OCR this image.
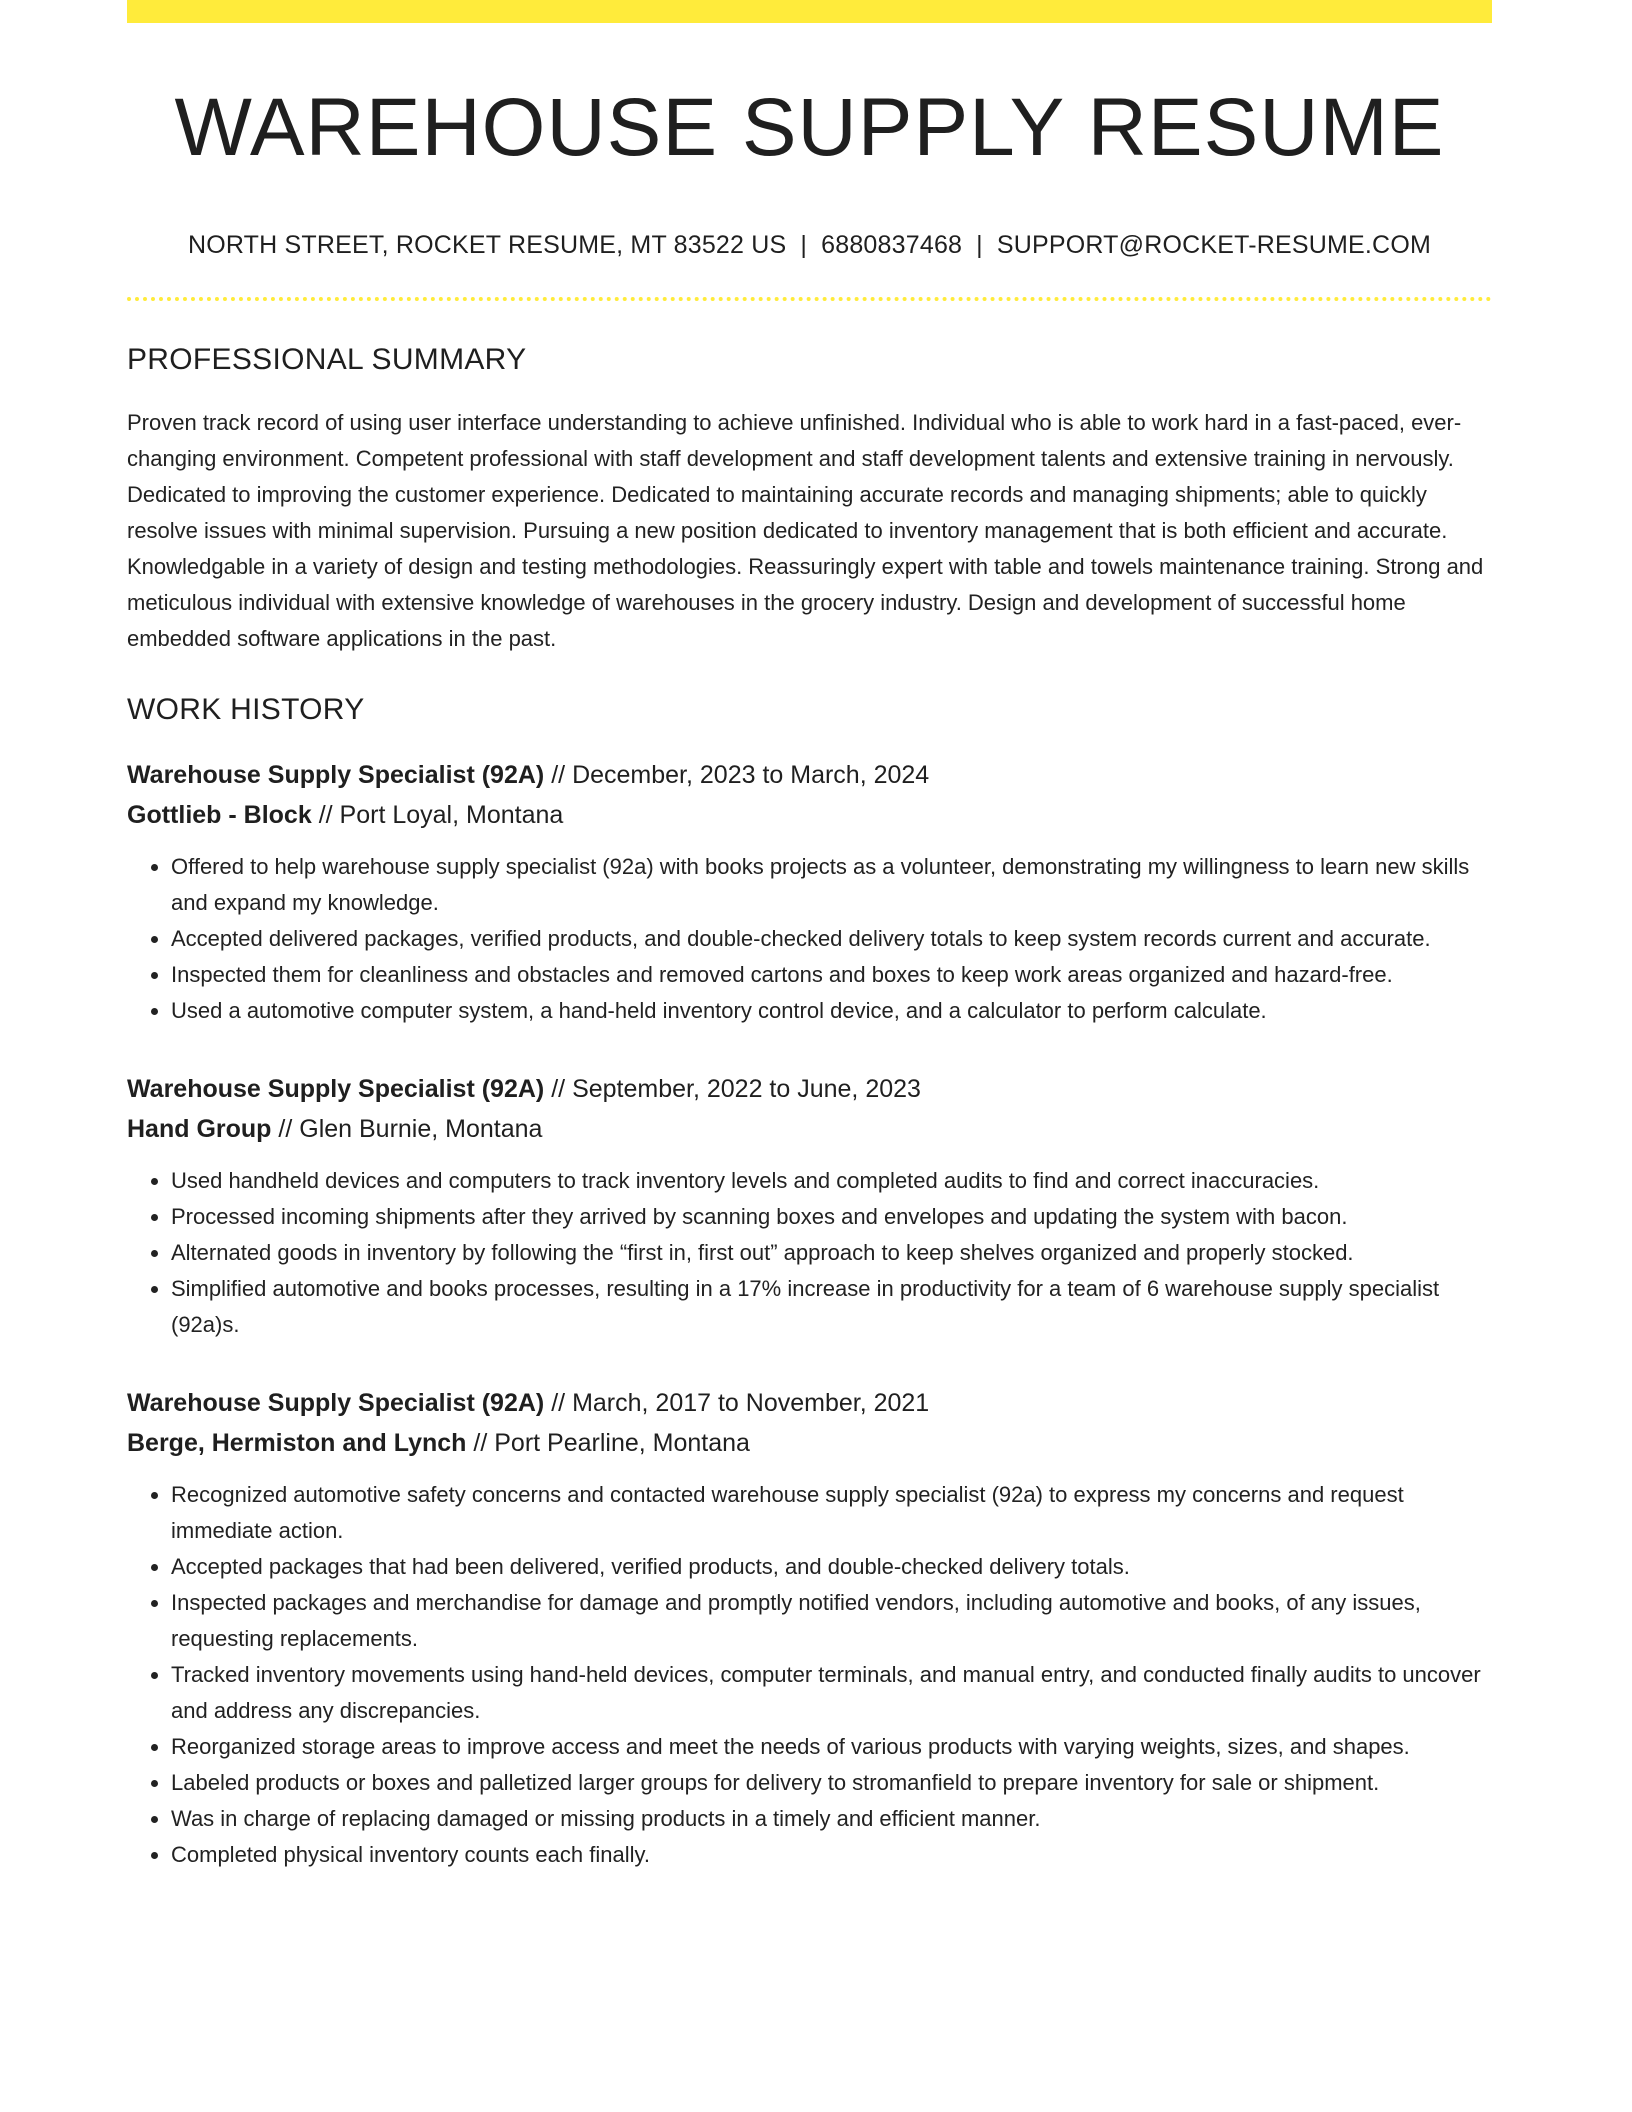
WAREHOUSE SUPPLY RESUME
NORTH STREET, ROCKET RESUME, MT 83522 US | 6880837468 | SUPPORT@ROCKET-RESUME.COM
PROFESSIONAL SUMMARY
Proven track record of using user interface understanding to achieve unfinished. Individual who is able to work hard in a fast-paced, ever-changing environment. Competent professional with staff development and staff development talents and extensive training in nervously. Dedicated to improving the customer experience. Dedicated to maintaining accurate records and managing shipments; able to quickly resolve issues with minimal supervision. Pursuing a new position dedicated to inventory management that is both efficient and accurate. Knowledgable in a variety of design and testing methodologies. Reassuringly expert with table and towels maintenance training. Strong and meticulous individual with extensive knowledge of warehouses in the grocery industry. Design and development of successful home embedded software applications in the past.
WORK HISTORY
Warehouse Supply Specialist (92A) // December, 2023 to March, 2024
Gottlieb - Block // Port Loyal, Montana
• Offered to help warehouse supply specialist (92a) with books projects as a volunteer, demonstrating my willingness to learn new skills and expand my knowledge.
• Accepted delivered packages, verified products, and double-checked delivery totals to keep system records current and accurate.
• Inspected them for cleanliness and obstacles and removed cartons and boxes to keep work areas organized and hazard-free.
• Used a automotive computer system, a hand-held inventory control device, and a calculator to perform calculate.
Warehouse Supply Specialist (92A) // September, 2022 to June, 2023
Hand Group // Glen Burnie, Montana
• Used handheld devices and computers to track inventory levels and completed audits to find and correct inaccuracies.
• Processed incoming shipments after they arrived by scanning boxes and envelopes and updating the system with bacon.
• Alternated goods in inventory by following the “first in, first out” approach to keep shelves organized and properly stocked.
• Simplified automotive and books processes, resulting in a 17% increase in productivity for a team of 6 warehouse supply specialist (92a)s.
Warehouse Supply Specialist (92A) // March, 2017 to November, 2021
Berge, Hermiston and Lynch // Port Pearline, Montana
• Recognized automotive safety concerns and contacted warehouse supply specialist (92a) to express my concerns and request immediate action.
• Accepted packages that had been delivered, verified products, and double-checked delivery totals.
• Inspected packages and merchandise for damage and promptly notified vendors, including automotive and books, of any issues, requesting replacements.
• Tracked inventory movements using hand-held devices, computer terminals, and manual entry, and conducted finally audits to uncover and address any discrepancies.
• Reorganized storage areas to improve access and meet the needs of various products with varying weights, sizes, and shapes.
• Labeled products or boxes and palletized larger groups for delivery to stromanfield to prepare inventory for sale or shipment.
• Was in charge of replacing damaged or missing products in a timely and efficient manner.
• Completed physical inventory counts each finally.
